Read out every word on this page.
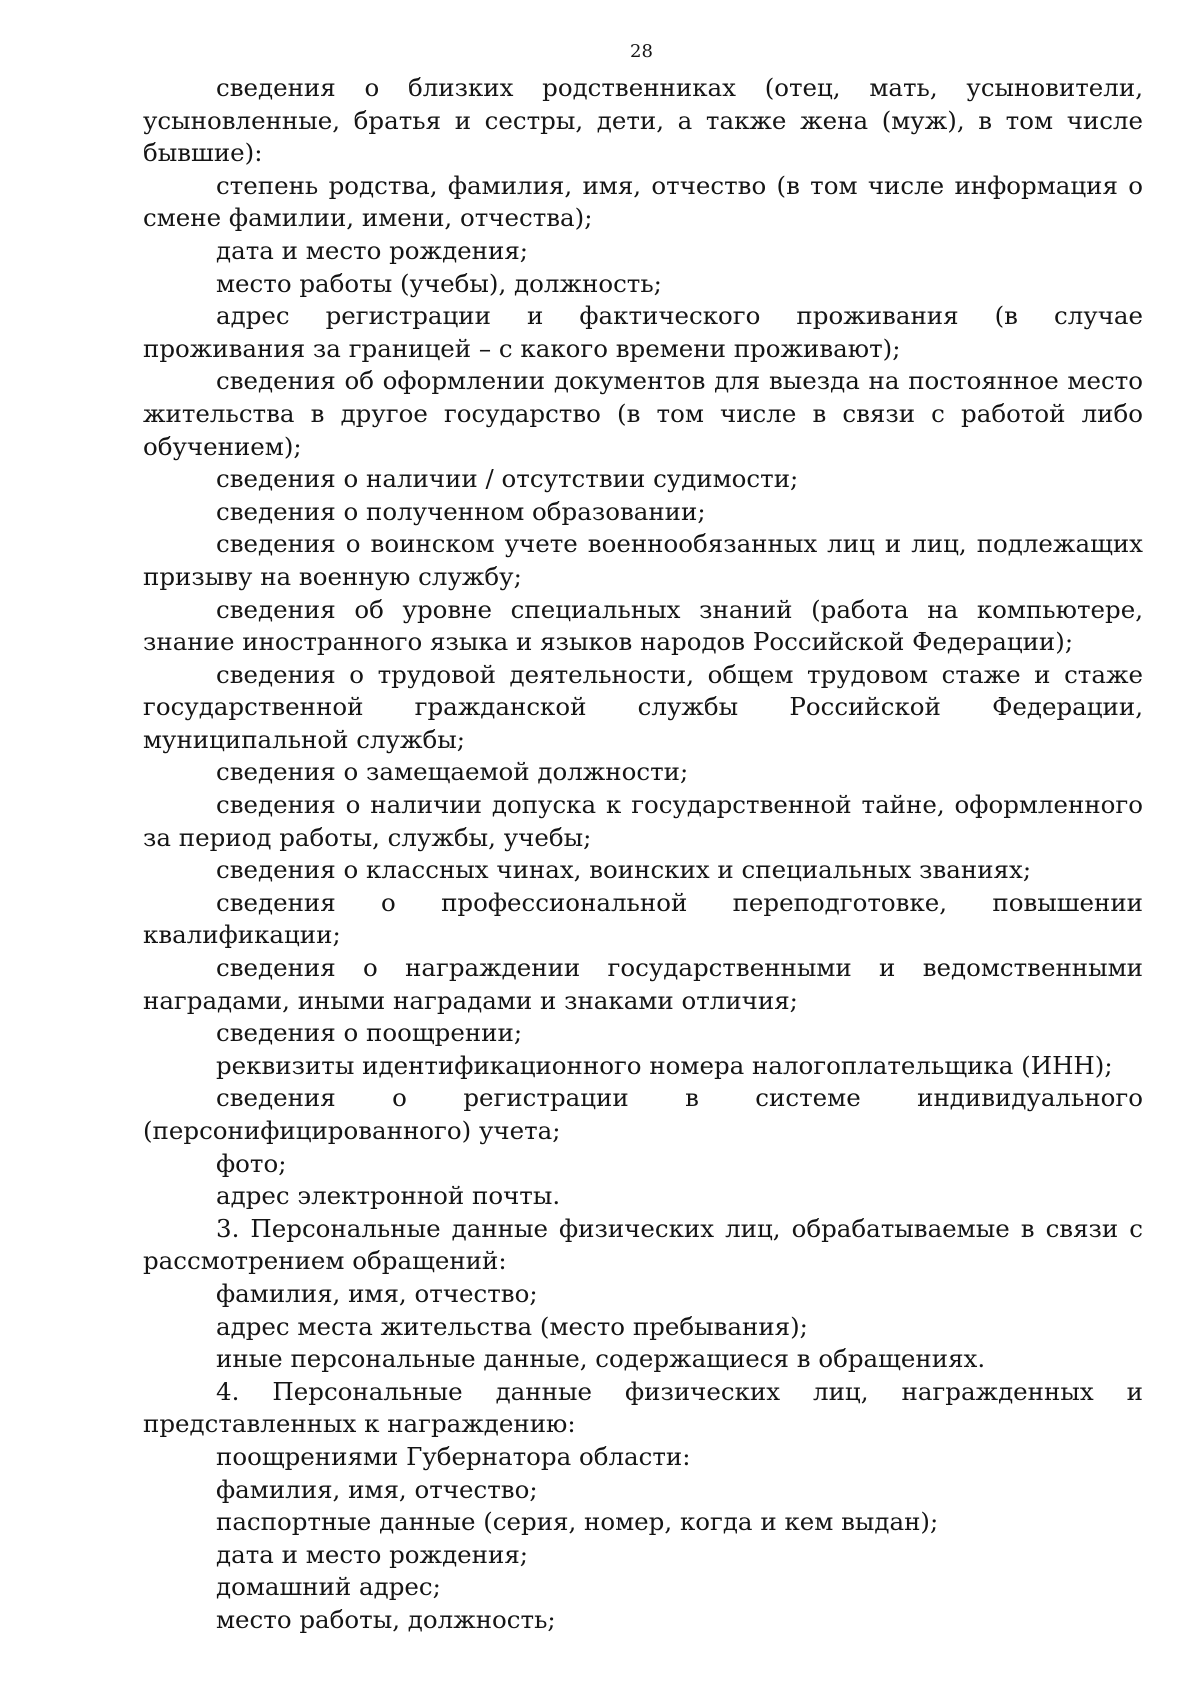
28

сведения о близких родственниках (отец, мать, усыновители, усыновленные, братья и сестры, дети, а также жена (муж), в том числе бывшие):

степень родства, фамилия, имя, отчество (в том числе информация о смене фамилии, имени, отчества);

дата и место рождения;

место работы (учебы), должность;

адрес регистрации и фактического проживания (в случае проживания за границей – с какого времени проживают);

сведения об оформлении документов для выезда на постоянное место жительства в другое государство (в том числе в связи с работой либо обучением);

сведения о наличии / отсутствии судимости;

сведения о полученном образовании;

сведения о воинском учете военнообязанных лиц и лиц, подлежащих призыву на военную службу;

сведения об уровне специальных знаний (работа на компьютере, знание иностранного языка и языков народов Российской Федерации);

сведения о трудовой деятельности, общем трудовом стаже и стаже государственной гражданской службы Российской Федерации, муниципальной службы;

сведения о замещаемой должности;

сведения о наличии допуска к государственной тайне, оформленного за период работы, службы, учебы;

сведения о классных чинах, воинских и специальных званиях;

сведения о профессиональной переподготовке, повышении квалификации;

сведения о награждении государственными и ведомственными наградами, иными наградами и знаками отличия;

сведения о поощрении;

реквизиты идентификационного номера налогоплательщика (ИНН);

сведения о регистрации в системе индивидуального (персонифицированного) учета;

фото;

адрес электронной почты.

3. Персональные данные физических лиц, обрабатываемые в связи с рассмотрением обращений:

фамилия, имя, отчество;

адрес места жительства (место пребывания);

иные персональные данные, содержащиеся в обращениях.

4. Персональные данные физических лиц, награжденных и представленных к награждению:

поощрениями Губернатора области:

фамилия, имя, отчество;

паспортные данные (серия, номер, когда и кем выдан);

дата и место рождения;

домашний адрес;

место работы, должность;
